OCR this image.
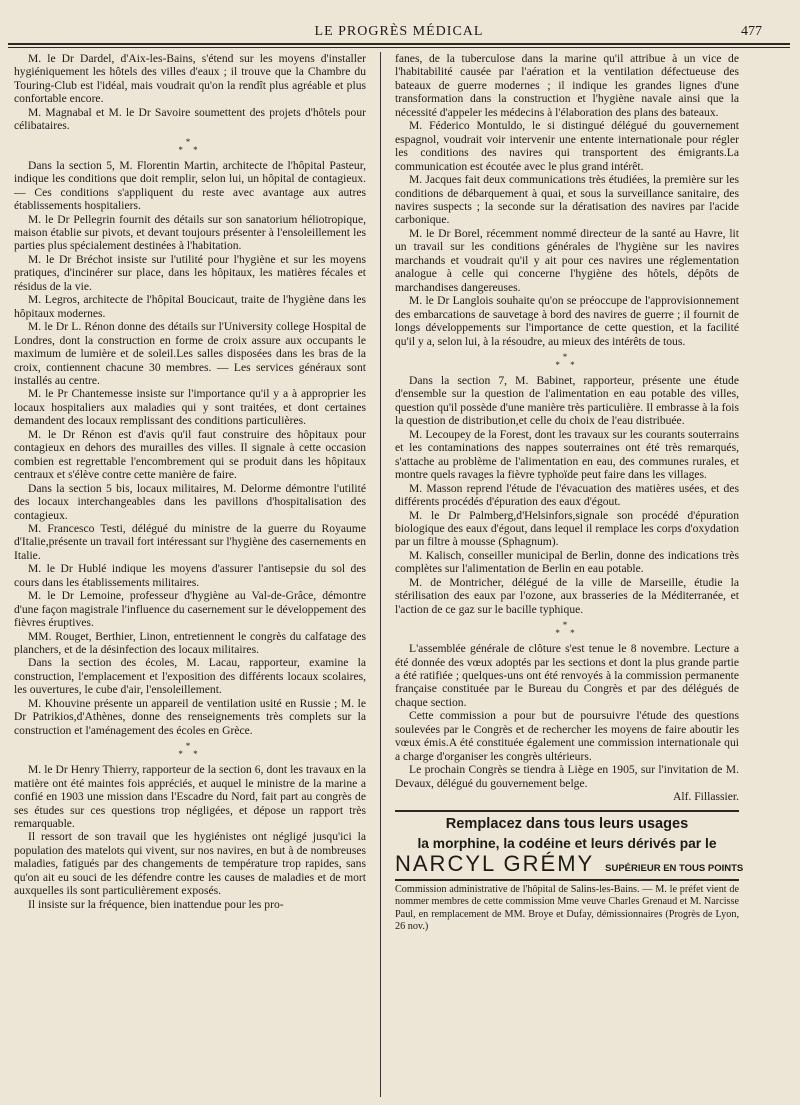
LE PROGRÈS MÉDICAL	477

M. le Dr Dardel, d'Aix-les-Bains, s'étend sur les moyens d'installer hygiéniquement les hôtels des villes d'eaux ; il trouve que la Chambre du Touring-Club est l'idéal, mais voudrait qu'on la rendît plus agréable et plus confortable encore.

M. Magnabal et M. le Dr Savoire soumettent des projets d'hôtels pour célibataires.

*
* *

Dans la section 5, M. Florentin Martin, architecte de l'hôpital Pasteur, indique les conditions que doit remplir, selon lui, un hôpital de contagieux. — Ces conditions s'appliquent du reste avec avantage aux autres établissements hospitaliers.

M. le Dr Pellegrin fournit des détails sur son sanatorium héliotropique, maison établie sur pivots, et devant toujours présenter à l'ensoleillement les parties plus spécialement destinées à l'habitation.

M. le Dr Bréchot insiste sur l'utilité pour l'hygiène et sur les moyens pratiques, d'incinérer sur place, dans les hôpitaux, les matières fécales et résidus de la vie.

M. Legros, architecte de l'hôpital Boucicaut, traite de l'hygiène dans les hôpitaux modernes.

M. le Dr L. Rénon donne des détails sur l'University college Hospital de Londres, dont la construction en forme de croix assure aux occupants le maximum de lumière et de soleil.Les salles disposées dans les bras de la croix, contiennent chacune 30 membres. — Les services généraux sont installés au centre.

M. le Pr Chantemesse insiste sur l'importance qu'il y a à approprier les locaux hospitaliers aux maladies qui y sont traitées, et dont certaines demandent des locaux remplissant des conditions particulières.

M. le Dr Rénon est d'avis qu'il faut construire des hôpitaux pour contagieux en dehors des murailles des villes. Il signale à cette occasion combien est regrettable l'encombrement qui se produit dans les hôpitaux centraux et s'élève contre cette manière de faire.

Dans la section 5 bis, locaux militaires, M. Delorme démontre l'utilité des locaux interchangeables dans les pavillons d'hospitalisation des contagieux.

M. Francesco Testi, délégué du ministre de la guerre du Royaume d'Italie,présente un travail fort intéressant sur l'hygiène des casernements en Italie.

M. le Dr Hublé indique les moyens d'assurer l'antisepsie du sol des cours dans les établissements militaires.

M. le Dr Lemoine, professeur d'hygiène au Val-de-Grâce, démontre d'une façon magistrale l'influence du casernement sur le développement des fièvres éruptives.

MM. Rouget, Berthier, Linon, entretiennent le congrès du calfatage des planchers, et de la désinfection des locaux militaires.

Dans la section des écoles, M. Lacau, rapporteur, examine la construction, l'emplacement et l'exposition des différents locaux scolaires, les ouvertures, le cube d'air, l'ensoleillement.

M. Khouvine présente un appareil de ventilation usité en Russie ; M. le Dr Patrikios,d'Athènes, donne des renseignements très complets sur la construction et l'aménagement des écoles en Grèce.

*
* *

M. le Dr Henry Thierry, rapporteur de la section 6, dont les travaux en la matière ont été maintes fois appréciés, et auquel le ministre de la marine a confié en 1903 une mission dans l'Escadre du Nord, fait part au congrès de ses études sur ces questions trop négligées, et dépose un rapport très remarquable.

Il ressort de son travail que les hygiénistes ont négligé jusqu'ici la population des matelots qui vivent, sur nos navires, en but à de nombreuses maladies, fatigués par des changements de température trop rapides, sans qu'on ait eu souci de les défendre contre les causes de maladies et de mort auxquelles ils sont particulièrement exposés.

Il insiste sur la fréquence, bien inattendue pour les pro-

fanes, de la tuberculose dans la marine qu'il attribue à un vice de l'habitabilité causée par l'aération et la ventilation défectueuse des bateaux de guerre modernes ; il indique les grandes lignes d'une transformation dans la construction et l'hygiène navale ainsi que la nécessité d'appeler les médecins à l'élaboration des plans des bateaux.

M. Féderico Montuldo, le si distingué délégué du gouvernement espagnol, voudrait voir intervenir une entente internationale pour régler les conditions des navires qui transportent des émigrants.La communication est écoutée avec le plus grand intérêt.

M. Jacques fait deux communications très étudiées, la première sur les conditions de débarquement à quai, et sous la surveillance sanitaire, des navires suspects ; la seconde sur la dératisation des navires par l'acide carbonique.

M. le Dr Borel, récemment nommé directeur de la santé au Havre, lit un travail sur les conditions générales de l'hygiène sur les navires marchands et voudrait qu'il y ait pour ces navires une réglementation analogue à celle qui concerne l'hygiène des hôtels, dépôts de marchandises dangereuses.

M. le Dr Langlois souhaite qu'on se préoccupe de l'approvisionnement des embarcations de sauvetage à bord des navires de guerre ; il fournit de longs développements sur l'importance de cette question, et la facilité qu'il y a, selon lui, à la résoudre, au mieux des intérêts de tous.

*
* *

Dans la section 7, M. Babinet, rapporteur, présente une étude d'ensemble sur la question de l'alimentation en eau potable des villes, question qu'il possède d'une manière très particulière. Il embrasse à la fois la question de distribution,et celle du choix de l'eau distribuée.

M. Lecoupey de la Forest, dont les travaux sur les courants souterrains et les contaminations des nappes souterraines ont été très remarqués, s'attache au problème de l'alimentation en eau, des communes rurales, et montre quels ravages la fièvre typhoïde peut faire dans les villages.

M. Masson reprend l'étude de l'évacuation des matières usées, et des différents procédés d'épuration des eaux d'égout.

M. le Dr Palmberg,d'Helsinfors,signale son procédé d'épuration biologique des eaux d'égout, dans lequel il remplace les corps d'oxydation par un filtre à mousse (Sphagnum).

M. Kalisch, conseiller municipal de Berlin, donne des indications très complètes sur l'alimentation de Berlin en eau potable.

M. de Montricher, délégué de la ville de Marseille, étudie la stérilisation des eaux par l'ozone, aux brasseries de la Méditerranée, et l'action de ce gaz sur le bacille typhique.

*
* *

L'assemblée générale de clôture s'est tenue le 8 novembre. Lecture a été donnée des vœux adoptés par les sections et dont la plus grande partie a été ratifiée ; quelques-uns ont été renvoyés à la commission permanente française constituée par le Bureau du Congrès et par des délégués de chaque section.

Cette commission a pour but de poursuivre l'étude des questions soulevées par le Congrès et de rechercher les moyens de faire aboutir les vœux émis.A été constituée également une commission internationale qui a charge d'organiser les congrès ultérieurs.

Le prochain Congrès se tiendra à Liège en 1905, sur l'invitation de M. Devaux, délégué du gouvernement belge.

Alf. Fillassier.

Remplacez dans tous leurs usages
la morphine, la codéine et leurs dérivés par le
NARCYL GRÉMY SUPÉRIEUR EN TOUS POINTS

Commission administrative de l'hôpital de Salins-les-Bains. — M. le préfet vient de nommer membres de cette commission Mme veuve Charles Grenaud et M. Narcisse Paul, en remplacement de MM. Broye et Dufay, démissionnaires (Progrès de Lyon, 26 nov.)
